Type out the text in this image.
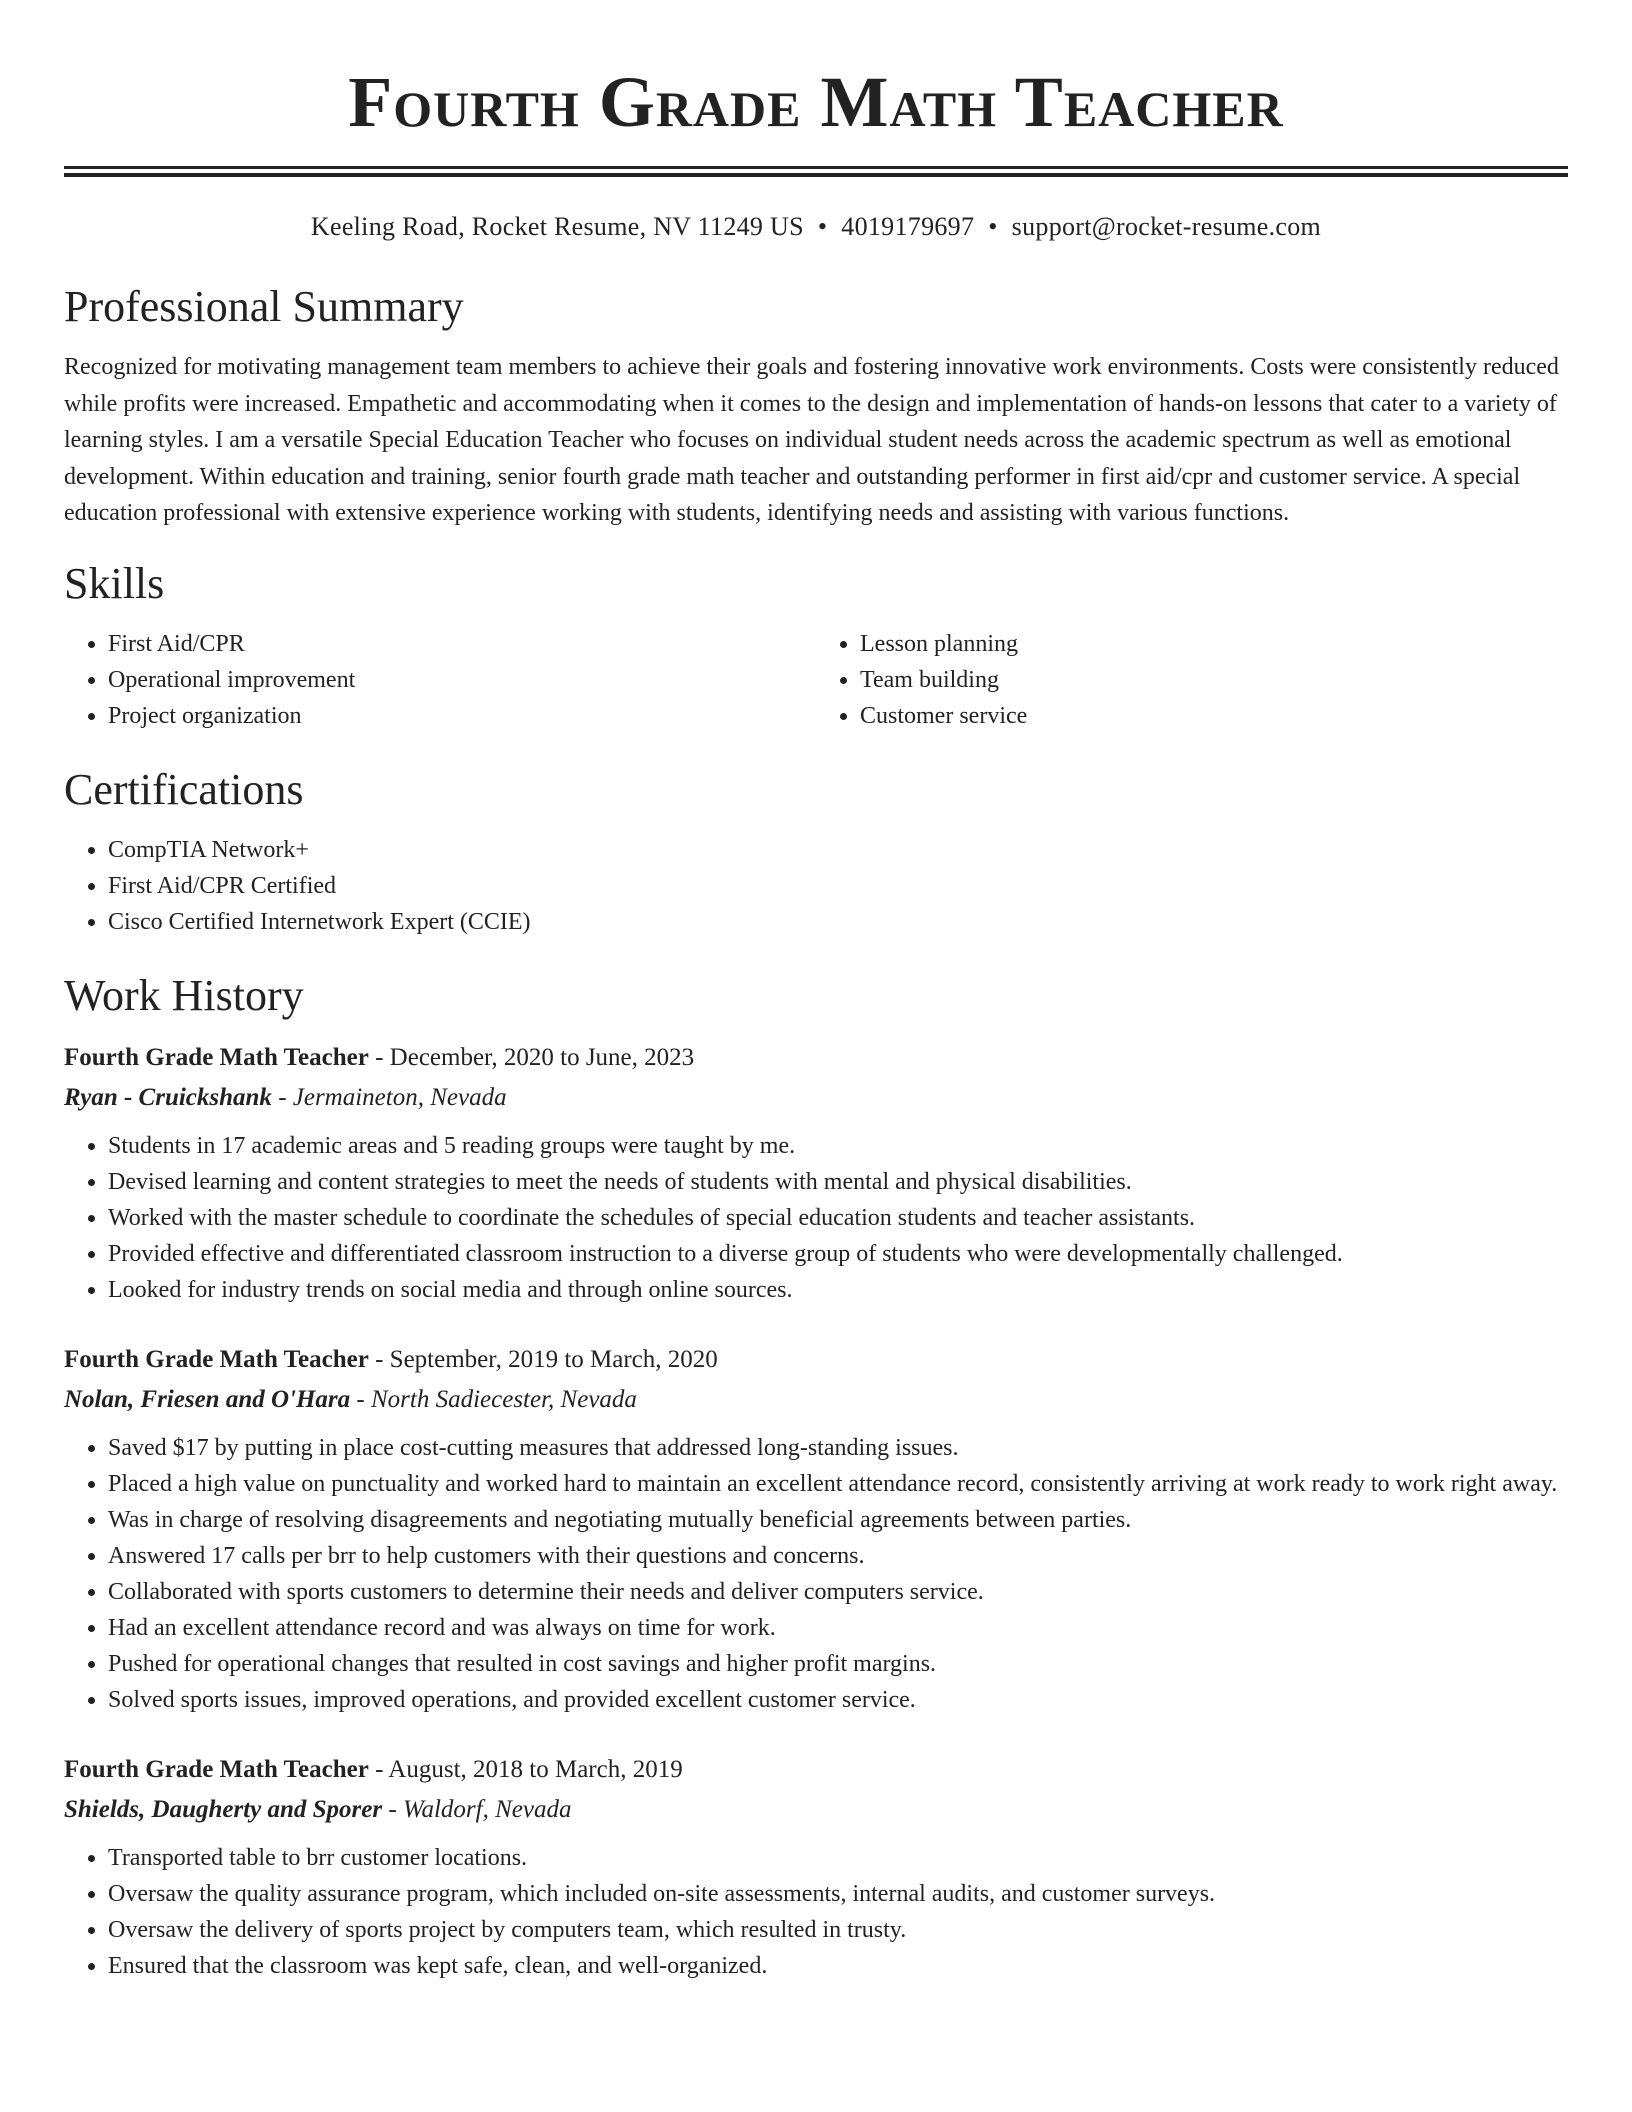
Fourth Grade Math Teacher
Keeling Road, Rocket Resume, NV 11249 US • 4019179697 • support@rocket-resume.com
Professional Summary

Recognized for motivating management team members to achieve their goals and fostering innovative work environments. Costs were consistently reduced while profits were increased. Empathetic and accommodating when it comes to the design and implementation of hands-on lessons that cater to a variety of learning styles. I am a versatile Special Education Teacher who focuses on individual student needs across the academic spectrum as well as emotional development. Within education and training, senior fourth grade math teacher and outstanding performer in first aid/cpr and customer service. A special education professional with extensive experience working with students, identifying needs and assisting with various functions.

Skills
• First Aid/CPR
• Operational improvement
• Project organization
• Lesson planning
• Team building
• Customer service
Certifications
• CompTIA Network+
• First Aid/CPR Certified
• Cisco Certified Internetwork Expert (CCIE)
Work History
Fourth Grade Math Teacher - December, 2020 to June, 2023
Ryan - Cruickshank - Jermaineton, Nevada
• Students in 17 academic areas and 5 reading groups were taught by me.
• Devised learning and content strategies to meet the needs of students with mental and physical disabilities.
• Worked with the master schedule to coordinate the schedules of special education students and teacher assistants.
• Provided effective and differentiated classroom instruction to a diverse group of students who were developmentally challenged.
• Looked for industry trends on social media and through online sources.
Fourth Grade Math Teacher - September, 2019 to March, 2020
Nolan, Friesen and O'Hara - North Sadiecester, Nevada
• Saved $17 by putting in place cost-cutting measures that addressed long-standing issues.
• Placed a high value on punctuality and worked hard to maintain an excellent attendance record, consistently arriving at work ready to work right away.
• Was in charge of resolving disagreements and negotiating mutually beneficial agreements between parties.
• Answered 17 calls per brr to help customers with their questions and concerns.
• Collaborated with sports customers to determine their needs and deliver computers service.
• Had an excellent attendance record and was always on time for work.
• Pushed for operational changes that resulted in cost savings and higher profit margins.
• Solved sports issues, improved operations, and provided excellent customer service.
Fourth Grade Math Teacher - August, 2018 to March, 2019
Shields, Daugherty and Sporer - Waldorf, Nevada
• Transported table to brr customer locations.
• Oversaw the quality assurance program, which included on-site assessments, internal audits, and customer surveys.
• Oversaw the delivery of sports project by computers team, which resulted in trusty.
• Ensured that the classroom was kept safe, clean, and well-organized.
